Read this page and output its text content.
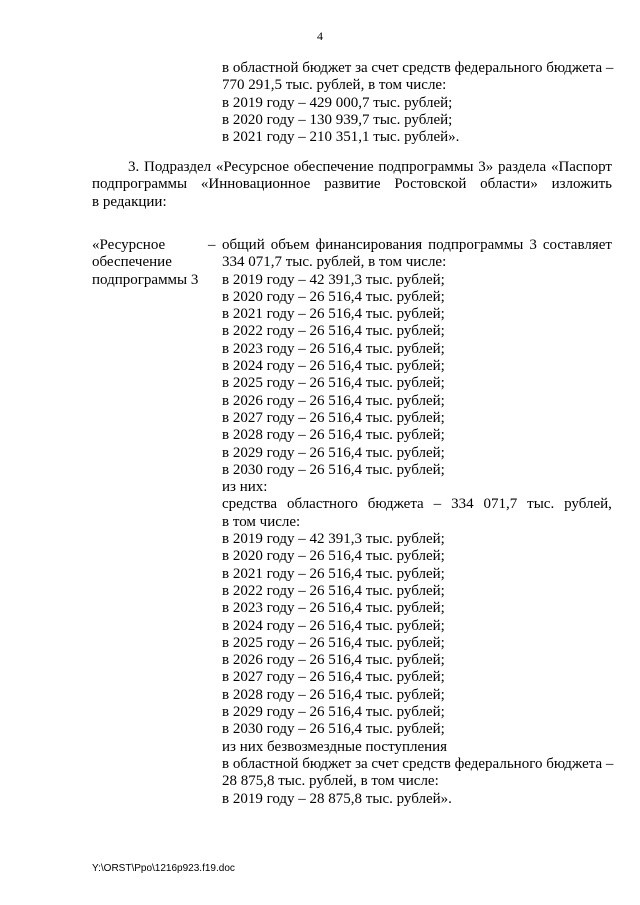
4
в областной бюджет за счет средств федерального бюджета –
770 291,5 тыс. рублей, в том числе:
в 2019 году – 429 000,7 тыс. рублей;
в 2020 году – 130 939,7 тыс. рублей;
в 2021 году – 210 351,1 тыс. рублей».
3. Подраздел «Ресурсное обеспечение подпрограммы 3» раздела «Паспорт
подпрограммы «Инновационное развитие Ростовской области» изложить
в редакции:
«Ресурсное
обеспечение
подпрограммы 3
– общий объем финансирования подпрограммы 3 составляет
334 071,7 тыс. рублей, в том числе:
в 2019 году – 42 391,3 тыс. рублей;
в 2020 году – 26 516,4 тыс. рублей;
в 2021 году – 26 516,4 тыс. рублей;
в 2022 году – 26 516,4 тыс. рублей;
в 2023 году – 26 516,4 тыс. рублей;
в 2024 году – 26 516,4 тыс. рублей;
в 2025 году – 26 516,4 тыс. рублей;
в 2026 году – 26 516,4 тыс. рублей;
в 2027 году – 26 516,4 тыс. рублей;
в 2028 году – 26 516,4 тыс. рублей;
в 2029 году – 26 516,4 тыс. рублей;
в 2030 году – 26 516,4 тыс. рублей;
из них:
средства областного бюджета – 334 071,7 тыс. рублей,
в том числе:
в 2019 году – 42 391,3 тыс. рублей;
в 2020 году – 26 516,4 тыс. рублей;
в 2021 году – 26 516,4 тыс. рублей;
в 2022 году – 26 516,4 тыс. рублей;
в 2023 году – 26 516,4 тыс. рублей;
в 2024 году – 26 516,4 тыс. рублей;
в 2025 году – 26 516,4 тыс. рублей;
в 2026 году – 26 516,4 тыс. рублей;
в 2027 году – 26 516,4 тыс. рублей;
в 2028 году – 26 516,4 тыс. рублей;
в 2029 году – 26 516,4 тыс. рублей;
в 2030 году – 26 516,4 тыс. рублей;
из них безвозмездные поступления
в областной бюджет за счет средств федерального бюджета –
28 875,8 тыс. рублей, в том числе:
в 2019 году – 28 875,8 тыс. рублей».
Y:\ORST\Ppo\1216p923.f19.doc
